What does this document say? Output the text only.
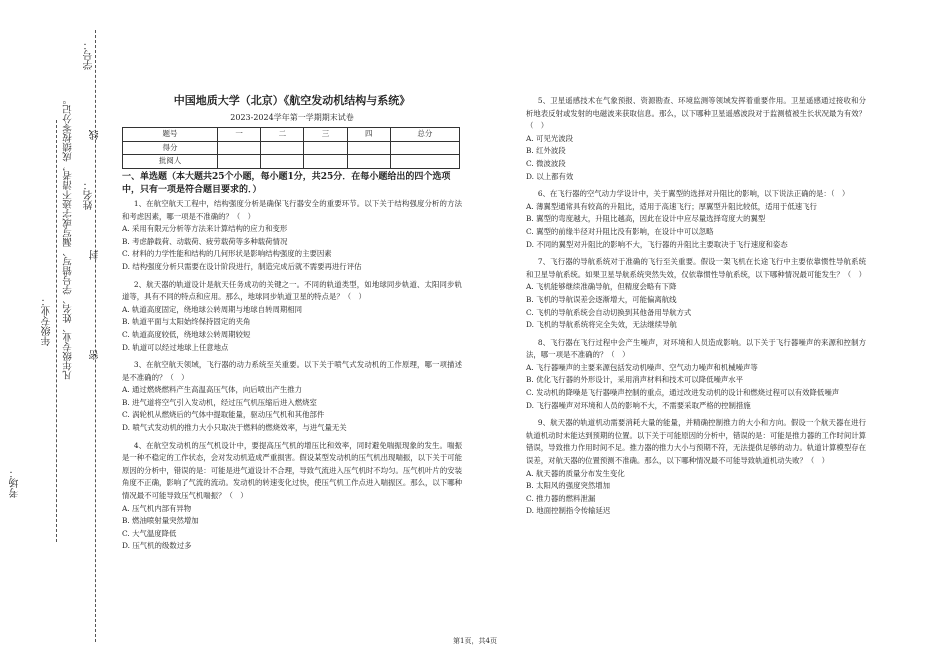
学号：
姓名：
年级专业：
考场：
凡年级专业、姓名、学号错写、漏写或字迹不清者，成绩按零分记。 线
封
密
中国地质大学（北京）《航空发动机结构与系统》
2023-2024学年第一学期期末试卷
题号	一	二	三	四	总分
得分					
批阅人					
一、单选题（本大题共25个小题，每小题1分，共25分．在每小题给出的四个选项中，只有一项是符合题目要求的．）
1、在航空航天工程中，结构强度分析是确保飞行器安全的重要环节。以下关于结构强度分析的方法和考虑因素，哪一项是不准确的？（　）
A. 采用有限元分析等方法来计算结构的应力和变形
B. 考虑静载荷、动载荷、疲劳载荷等多种载荷情况
C. 材料的力学性能和结构的几何形状是影响结构强度的主要因素
D. 结构强度分析只需要在设计阶段进行，制造完成后就不需要再进行评估
2、航天器的轨道设计是航天任务成功的关键之一。不同的轨道类型，如地球同步轨道、太阳同步轨道等，具有不同的特点和应用。那么，地球同步轨道卫星的特点是？（　）
A. 轨道高度固定，绕地球公转周期与地球自转周期相同
B. 轨道平面与太阳始终保持固定的夹角
C. 轨道高度较低，绕地球公转周期较短
D. 轨道可以经过地球上任意地点
3、在航空航天领域，飞行器的动力系统至关重要。以下关于喷气式发动机的工作原理，哪一项描述是不准确的？（　）
A. 通过燃烧燃料产生高温高压气体，向后喷出产生推力
B. 进气道将空气引入发动机，经过压气机压缩后进入燃烧室
C. 涡轮机从燃烧后的气体中提取能量，驱动压气机和其他部件
D. 喷气式发动机的推力大小只取决于燃料的燃烧效率，与进气量无关
4、在航空发动机的压气机设计中，要提高压气机的增压比和效率，同时避免喘振现象的发生。喘振是一种不稳定的工作状态，会对发动机造成严重损害。假设某型发动机的压气机出现喘振，以下关于可能原因的分析中，错误的是：可能是进气道设计不合理，导致气流进入压气机时不均匀。压气机叶片的安装角度不正确，影响了气流的流动。发动机的转速变化过快，使压气机工作点进入喘振区。那么，以下哪种情况最不可能导致压气机喘振？（　）
A. 压气机内部有异物
B. 燃油喷射量突然增加
C. 大气温度降低
D. 压气机的级数过多
5、卫星遥感技术在气象预报、资源勘查、环境监测等领域发挥着重要作用。卫星遥感通过接收和分析地表反射或发射的电磁波来获取信息。那么，以下哪种卫星遥感波段对于监测植被生长状况最为有效？（　）
A. 可见光波段
B. 红外波段
C. 微波波段
D. 以上都有效
6、在飞行器的空气动力学设计中，关于翼型的选择对升阻比的影响，以下说法正确的是：（　）
A. 薄翼型通常具有较高的升阻比，适用于高速飞行；厚翼型升阻比较低，适用于低速飞行
B. 翼型的弯度越大，升阻比越高，因此在设计中应尽量选择弯度大的翼型
C. 翼型的前缘半径对升阻比没有影响，在设计中可以忽略
D. 不同的翼型对升阻比的影响不大，飞行器的升阻比主要取决于飞行速度和姿态
7、飞行器的导航系统对于准确的飞行至关重要。假设一架飞机在长途飞行中主要依靠惯性导航系统和卫星导航系统。如果卫星导航系统突然失效，仅依靠惯性导航系统，以下哪种情况最可能发生？（　）
A. 飞机能够继续准确导航，但精度会略有下降
B. 飞机的导航误差会逐渐增大，可能偏离航线
C. 飞机的导航系统会自动切换到其他备用导航方式
D. 飞机的导航系统将完全失效，无法继续导航
8、飞行器在飞行过程中会产生噪声，对环境和人员造成影响。以下关于飞行器噪声的来源和控制方法，哪一项是不准确的？（　）
A. 飞行器噪声的主要来源包括发动机噪声、空气动力噪声和机械噪声等
B. 优化飞行器的外形设计，采用消声材料和技术可以降低噪声水平
C. 发动机的降噪是飞行器噪声控制的重点，通过改进发动机的设计和燃烧过程可以有效降低噪声
D. 飞行器噪声对环境和人员的影响不大，不需要采取严格的控制措施
9、航天器的轨道机动需要消耗大量的能量，并精确控制推力的大小和方向。假设一个航天器在进行轨道机动时未能达到预期的位置。以下关于可能原因的分析中，错误的是：可能是推力器的工作时间计算错误，导致推力作用时间不足。推力器的推力大小与预期不符，无法提供足够的动力。轨道计算模型存在误差，对航天器的位置预测不准确。那么，以下哪种情况最不可能导致轨道机动失败？（　）
A. 航天器的质量分布发生变化
B. 太阳风的强度突然增加
C. 推力器的燃料泄漏
D. 地面控制指令传输延迟
第1页，共4页
